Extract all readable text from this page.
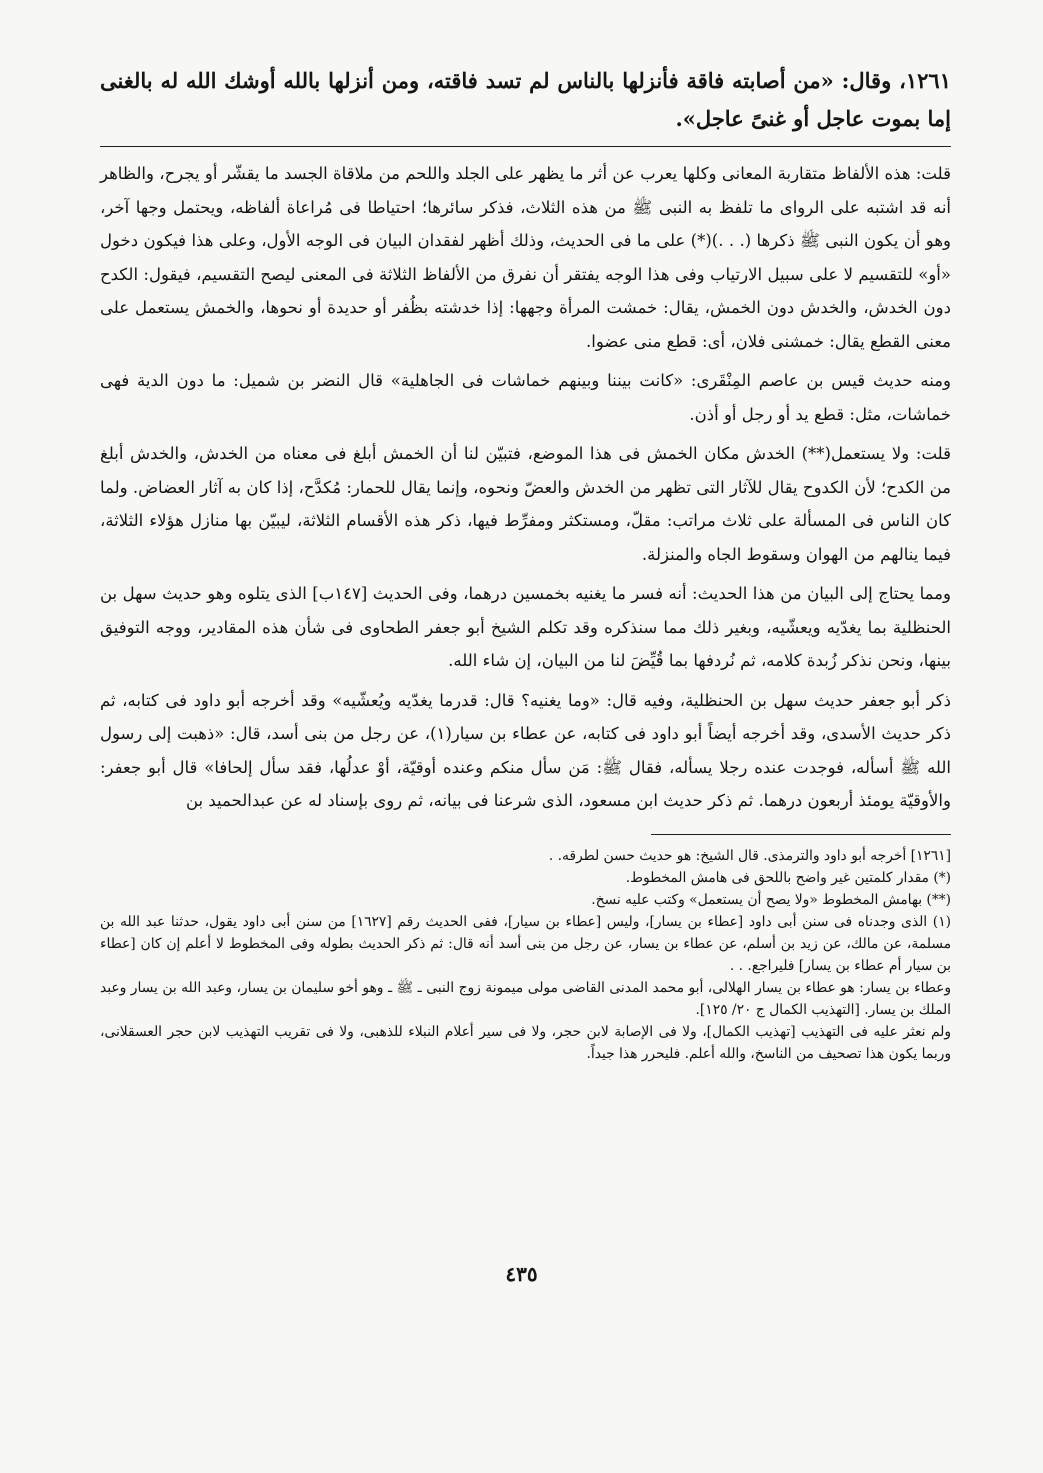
١٢٦١، وقال: «من أصابته فاقة فأنزلها بالناس لم تسد فاقته، ومن أنزلها بالله أوشك الله له بالغنى إما بموت عاجل أو غنىً عاجل».

قلت: هذه الألفاظ متقاربة المعانى وكلها يعرب عن أثر ما يظهر على الجلد واللحم من ملاقاة الجسد ما يقشّر أو يجرح، والظاهر أنه قد اشتبه على الرواى ما تلفظ به النبى ﷺ من هذه الثلاث، فذكر سائرها؛ احتياطا فى مُراعاة ألفاظه، ويحتمل وجها آخر، وهو أن يكون النبى ﷺ ذكرها (. . .)(*) على ما فى الحديث، وذلك أظهر لفقدان البيان فى الوجه الأول، وعلى هذا فيكون دخول «أو» للتقسيم لا على سبيل الارتياب وفى هذا الوجه يفتقر أن نفرق من الألفاظ الثلاثة فى المعنى ليصح التقسيم، فيقول: الكدح دون الخدش، والخدش دون الخمش، يقال: خمشت المرأة وجهها: إذا خدشته بظُفر أو حديدة أو نحوها، والخمش يستعمل على معنى القطع يقال: خمشنى فلان، أى: قطع منى عضوا.

ومنه حديث قيس بن عاصم المِنْقَرى: «كانت بيننا وبينهم خماشات فى الجاهلية» قال النضر بن شميل: ما دون الدية فهى خماشات، مثل: قطع يد أو رجل أو أذن.

قلت: ولا يستعمل(**) الخدش مكان الخمش فى هذا الموضع، فتبيّن لنا أن الخمش أبلغ فى معناه من الخدش، والخدش أبلغ من الكدح؛ لأن الكدوح يقال للآثار التى تظهر من الخدش والعضّ ونحوه، وإنما يقال للحمار: مُكدَّح، إذا كان به آثار العضاض. ولما كان الناس فى المسألة على ثلاث مراتب: مقلّ، ومستكثر ومفرِّط فيها، ذكر هذه الأقسام الثلاثة، ليبيّن بها منازل هؤلاء الثلاثة، فيما ينالهم من الهوان وسقوط الجاه والمنزلة.

ومما يحتاج إلى البيان من هذا الحديث: أنه فسر ما يغنيه بخمسين درهما، وفى الحديث [١٤٧ب] الذى يتلوه وهو حديث سهل بن الحنظلية بما يغدّيه ويعشّيه، وبغير ذلك مما سنذكره وقد تكلم الشيخ أبو جعفر الطحاوى فى شأن هذه المقادير، ووجه التوفيق بينها، ونحن نذكر زُبدة كلامه، ثم نُردفها بما قُيِّضَ لنا من البيان، إن شاء الله.

ذكر أبو جعفر حديث سهل بن الحنظلية، وفيه قال: «وما يغنيه؟ قال: قدرما يغدّيه ويُعشّيه» وقد أخرجه أبو داود فى كتابه، ثم ذكر حديث الأسدى، وقد أخرجه أيضاً أبو داود فى كتابه، عن عطاء بن سيار(١)، عن رجل من بنى أسد، قال: «ذهبت إلى رسول الله ﷺ أسأله، فوجدت عنده رجلا يسأله، فقال ﷺ: مَن سأل منكم وعنده أوقيّة، أوْ عدلُها، فقد سأل إلحافا» قال أبو جعفر: والأوقيّة يومئذ أربعون درهما. ثم ذكر حديث ابن مسعود، الذى شرعنا فى بيانه، ثم روى بإسناد له عن عبدالحميد بن

[١٢٦١] أخرجه أبو داود والترمذى. قال الشيخ: هو حديث حسن لطرقه. .

(*) مقدار كلمتين غير واضح باللحق فى هامش المخطوط.

(**) بهامش المخطوط «ولا يصح أن يستعمل» وكتب عليه نسخ.

(١) الذى وجدناه فى سنن أبى داود [عطاء بن يسار]، وليس [عطاء بن سيار]، ففى الحديث رقم [١٦٢٧] من سنن أبى داود يقول، حدثنا عبد الله بن مسلمة، عن مالك، عن زيد بن أسلم، عن عطاء بن يسار، عن رجل من بنى أسد أنه قال: ثم ذكر الحديث بطوله وفى المخطوط لا أعلم إن كان [عطاء بن سيار أم عطاء بن يسار] فليراجع. . .

وعطاء بن يسار: هو عطاء بن يسار الهلالى، أبو محمد المدنى القاضى مولى ميمونة زوج النبى ـ ﷺ ـ وهو أخو سليمان بن يسار، وعبد الله بن يسار وعبد الملك بن يسار. [التهذيب الكمال ج ٢٠/ ١٢٥].

ولم نعثر عليه فى التهذيب [تهذيب الكمال]، ولا فى الإصابة لابن حجر، ولا فى سير أعلام النبلاء للذهبى، ولا فى تقريب التهذيب لابن حجر العسقلانى، وربما يكون هذا تصحيف من الناسخ، والله أعلم. فليحرر هذا جيداً.

٤٣٥
